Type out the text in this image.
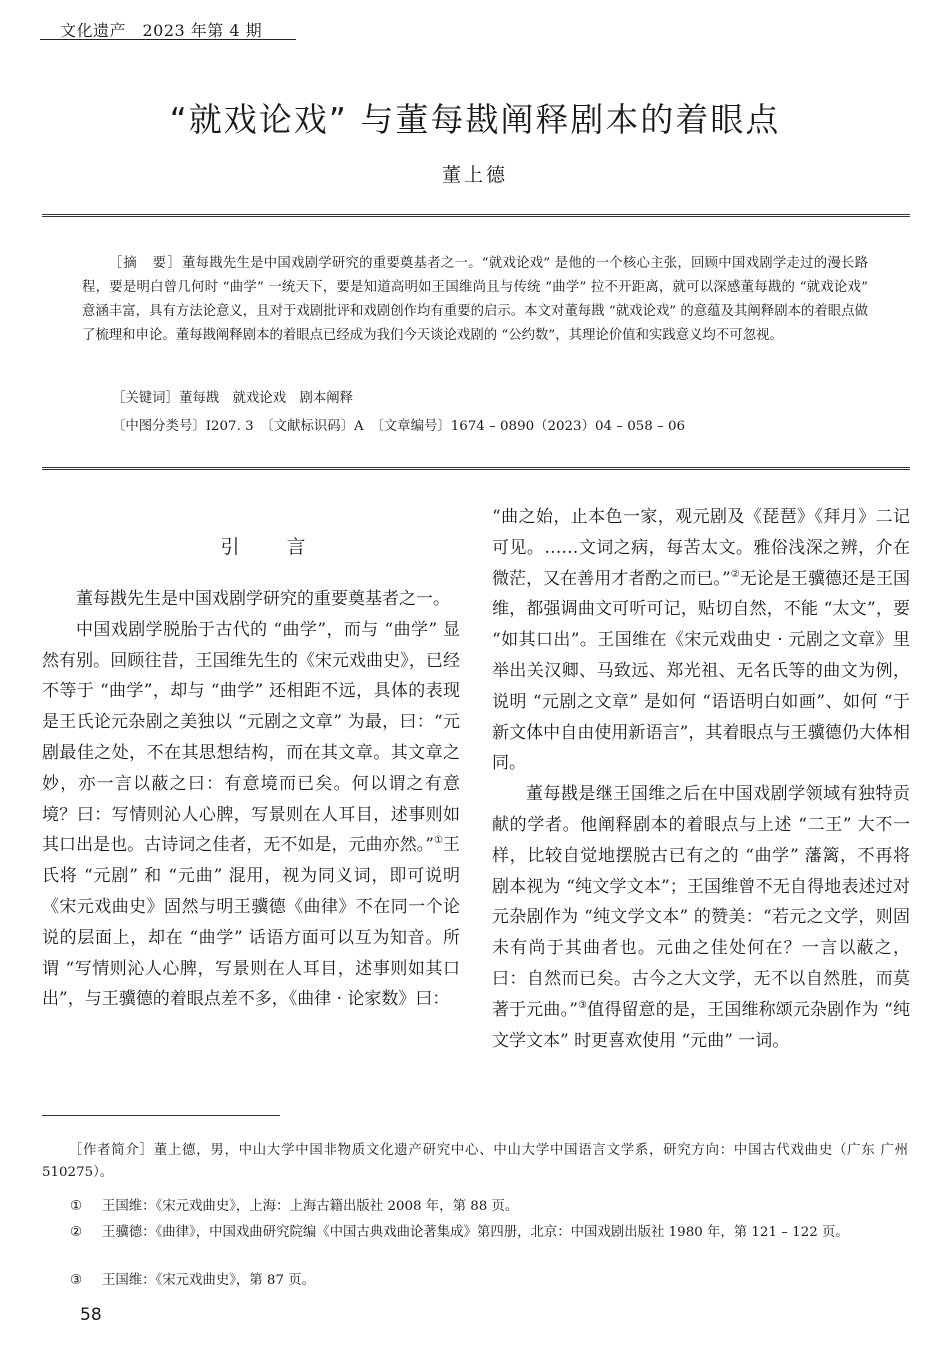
文化遗产　2023 年第 4 期
“就戏论戏” 与董每戡阐释剧本的着眼点
董上德
［摘　要］董每戡先生是中国戏剧学研究的重要奠基者之一。“就戏论戏” 是他的一个核心主张，回顾中国戏剧学走过的漫长路程，要是明白曾几何时 “曲学” 一统天下，要是知道高明如王国维尚且与传统 “曲学” 拉不开距离，就可以深感董每戡的 “就戏论戏” 意涵丰富，具有方法论意义，且对于戏剧批评和戏剧创作均有重要的启示。本文对董每戡 “就戏论戏” 的意蕴及其阐释剧本的着眼点做了梳理和申论。董每戡阐释剧本的着眼点已经成为我们今天谈论戏剧的 “公约数”，其理论价值和实践意义均不可忽视。
［关键词］董每戡　就戏论戏　剧本阐释
〔中图分类号〕I207. 3　〔文献标识码〕A　〔文章编号〕1674 – 0890（2023）04 – 058 – 06

引　言

董每戡先生是中国戏剧学研究的重要奠基者之一。

中国戏剧学脱胎于古代的 “曲学”，而与 “曲学” 显然有别。回顾往昔，王国维先生的《宋元戏曲史》，已经不等于 “曲学”，却与 “曲学” 还相距不远，具体的表现是王氏论元杂剧之美独以 “元剧之文章” 为最，曰：“元剧最佳之处，不在其思想结构，而在其文章。其文章之妙，亦一言以蔽之曰：有意境而已矣。何以谓之有意境？曰：写情则沁人心脾，写景则在人耳目，述事则如其口出是也。古诗词之佳者，无不如是，元曲亦然。”①王氏将 “元剧” 和 “元曲” 混用，视为同义词，即可说明《宋元戏曲史》固然与明王骥德《曲律》不在同一个论说的层面上，却在 “曲学” 话语方面可以互为知音。所谓 “写情则沁人心脾，写景则在人耳目，述事则如其口出”，与王骥德的着眼点差不多，《曲律 · 论家数》曰：

“曲之始，止本色一家，观元剧及《琵琶》《拜月》二记可见。……文词之病，每苦太文。雅俗浅深之辨，介在微茫，又在善用才者酌之而已。”②无论是王骥德还是王国维，都强调曲文可听可记，贴切自然，不能 “太文”，要 “如其口出”。王国维在《宋元戏曲史 · 元剧之文章》里举出关汉卿、马致远、郑光祖、无名氏等的曲文为例，说明 “元剧之文章” 是如何 “语语明白如画”、如何 “于新文体中自由使用新语言”，其着眼点与王骥德仍大体相同。

董每戡是继王国维之后在中国戏剧学领域有独特贡献的学者。他阐释剧本的着眼点与上述 “二王” 大不一样，比较自觉地摆脱古已有之的 “曲学” 藩篱，不再将剧本视为 “纯文学文本”；王国维曾不无自得地表述过对元杂剧作为 “纯文学文本” 的赞美：“若元之文学，则固未有尚于其曲者也。元曲之佳处何在？一言以蔽之，曰：自然而已矣。古今之大文学，无不以自然胜，而莫著于元曲。”③值得留意的是，王国维称颂元杂剧作为 “纯文学文本” 时更喜欢使用 “元曲” 一词。

［作者简介］董上德，男，中山大学中国非物质文化遗产研究中心、中山大学中国语言文学系，研究方向：中国古代戏曲史（广东 广州 510275）。
① 王国维：《宋元戏曲史》，上海：上海古籍出版社 2008 年，第 88 页。
② 王骥德：《曲律》，中国戏曲研究院编《中国古典戏曲论著集成》第四册，北京：中国戏剧出版社 1980 年，第 121 – 122 页。
③ 王国维：《宋元戏曲史》，第 87 页。
58
